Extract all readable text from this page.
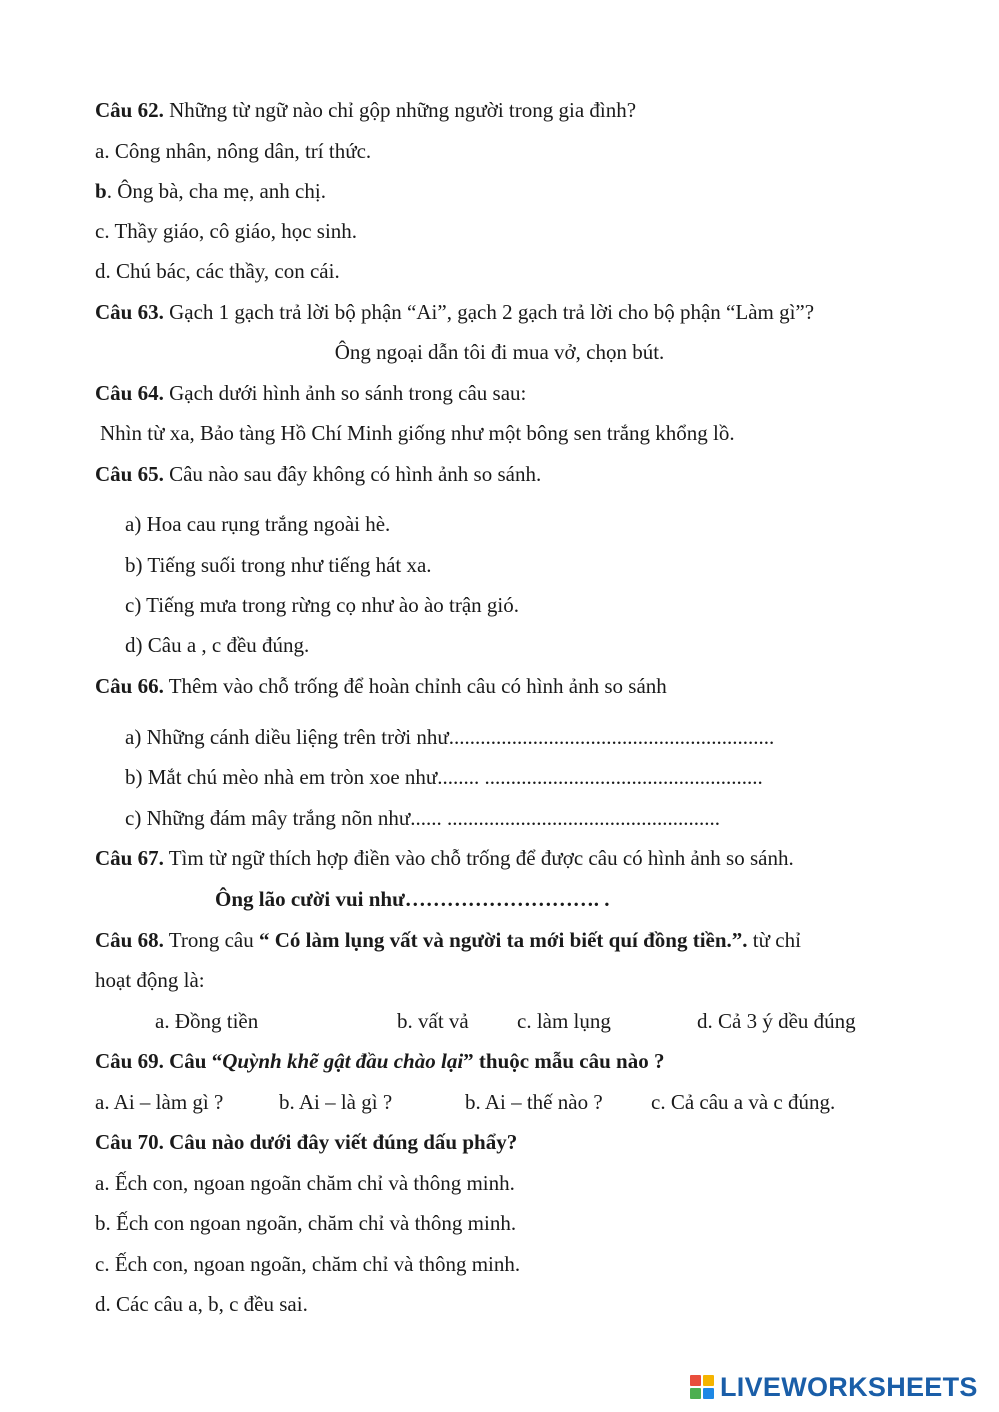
Câu 62. Những từ ngữ nào chỉ gộp những người trong gia đình?
a. Công nhân, nông dân, trí thức.
b. Ông bà, cha mẹ, anh chị.
c. Thầy giáo, cô giáo, học sinh.
d. Chú bác, các thầy, con cái.
Câu 63. Gạch 1 gạch trả lời bộ phận “Ai”, gạch 2 gạch trả lời cho bộ phận “Làm gì”?
Ông ngoại dẫn tôi đi mua vở, chọn bút.
Câu 64. Gạch dưới hình ảnh so sánh trong câu sau:
Nhìn từ xa, Bảo tàng Hồ Chí Minh giống như một bông sen trắng khổng lồ.
Câu 65. Câu nào sau đây không có hình ảnh so sánh.
a) Hoa cau rụng trắng ngoài hè.
b) Tiếng suối trong như tiếng hát xa.
c) Tiếng mưa trong rừng cọ như ào ào trận gió.
d) Câu a , c đều đúng.
Câu 66. Thêm vào chỗ trống để hoàn chỉnh câu có hình ảnh so sánh
a) Những cánh diều liệng trên trời như..............................................................
b) Mắt chú mèo nhà em tròn xoe như........ .....................................................
c) Những đám mây trắng nõn như...... ....................................................
Câu 67. Tìm từ ngữ thích hợp điền vào chỗ trống để được câu có hình ảnh so sánh.
Ông lão cười vui như………………………. .
Câu 68. Trong câu “ Có làm lụng vất và người ta mới biết quí đồng tiền.”. từ chỉ
hoạt động là:
a. Đồng tiền	b. vất vả c. làm lụng	d. Cả 3 ý dều đúng
Câu 69. Câu “Quỳnh khẽ gật đầu chào lại” thuộc mẫu câu nào ?
a. Ai – làm gì ?	b. Ai – là gì ?	b. Ai – thế nào ? c. Cả câu a và c đúng.
Câu 70. Câu nào dưới đây viết đúng dấu phẩy?
a. Ếch con, ngoan ngoãn chăm chỉ và thông minh.
b. Ếch con ngoan ngoãn, chăm chỉ và thông minh.
c. Ếch con, ngoan ngoãn, chăm chỉ và thông minh.
d. Các câu a, b, c đều sai.
LIVEWORKSHEETS
